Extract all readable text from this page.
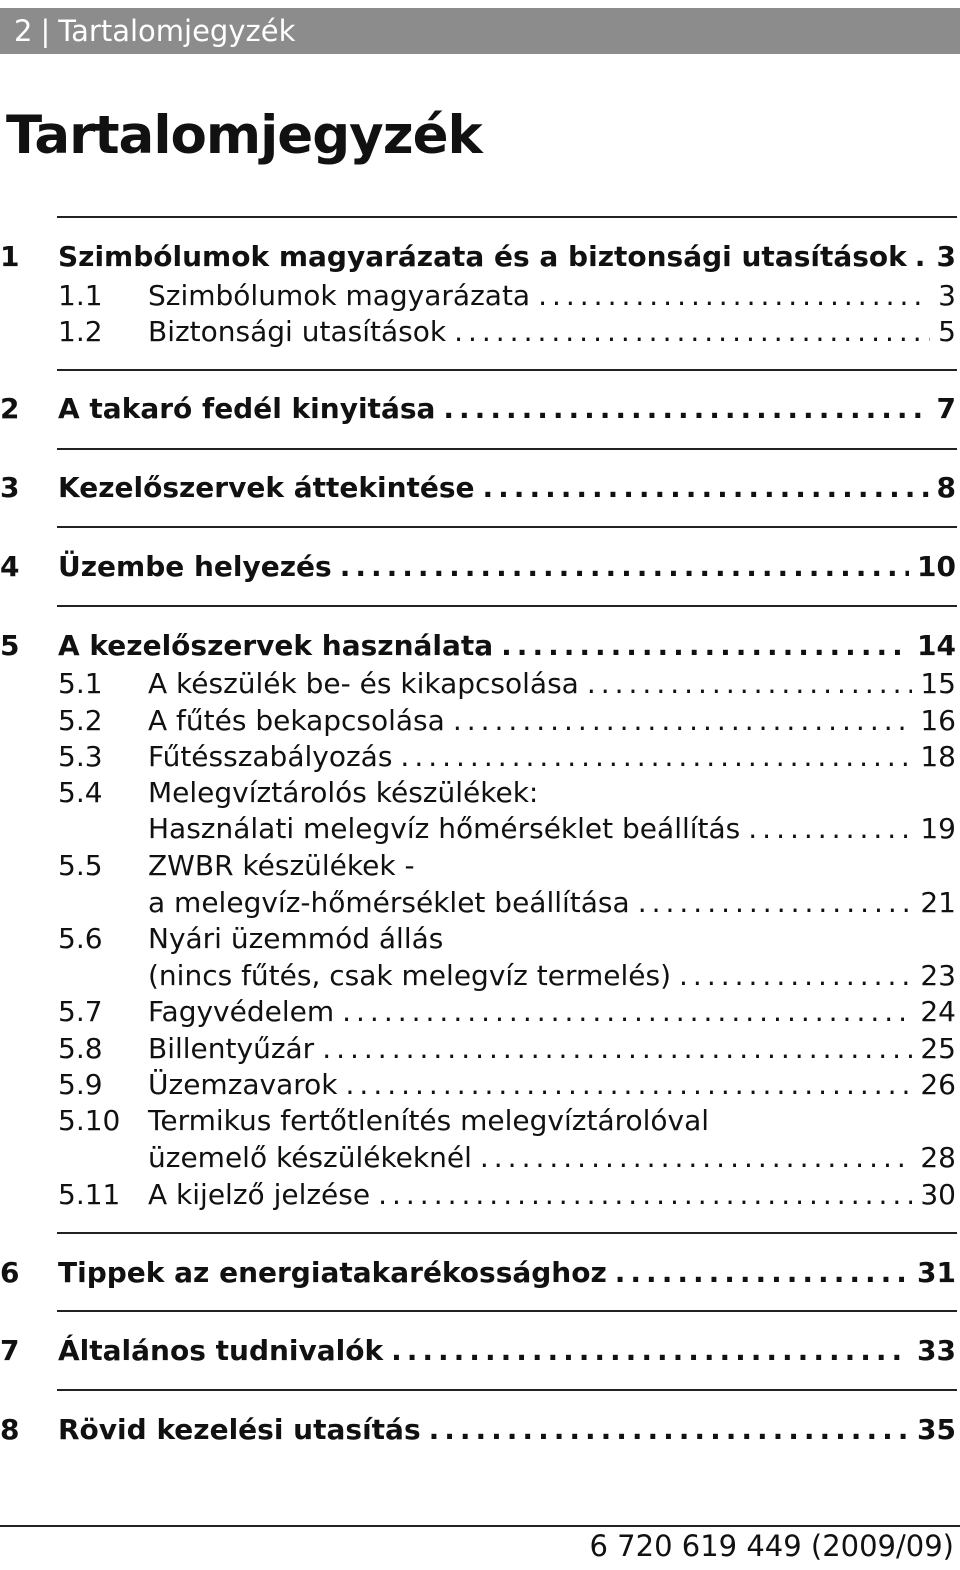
2 | Tartalomjegyzék
Tartalomjegyzék
1 Szimbólumok magyarázata és a biztonsági utasítások ..... 3
1.1 Szimbólumok magyarázata .....	3
1.2 Biztonsági utasítások .....	5
2 A takaró fedél kinyitása .....	7
3 Kezelőszervek áttekintése .....	8
4 Üzembe helyezés .....	10
5 A kezelőszervek használata .....	14
5.1 A készülék be- és kikapcsolása .....	15
5.2 A fűtés bekapcsolása .....	16
5.3 Fűtésszabályozás .....	18
5.4 Melegvíztárolós készülékek:
Használati melegvíz hőmérséklet beállítás .....	19
5.5 ZWBR készülékek -
a melegvíz-hőmérséklet beállítása .....	21
5.6 Nyári üzemmód állás
(nincs fűtés, csak melegvíz termelés) .....	23
5.7 Fagyvédelem .....	24
5.8 Billentyűzár .....	25
5.9 Üzemzavarok .....	26
5.10 Termikus fertőtlenítés melegvíztárolóval
üzemelő készülékeknél .....	28
5.11 A kijelző jelzése .....	30
6 Tippek az energiatakarékossághoz .....	31
7 Általános tudnivalók .....	33
8 Rövid kezelési utasítás .....	35
6 720 619 449 (2009/09)
